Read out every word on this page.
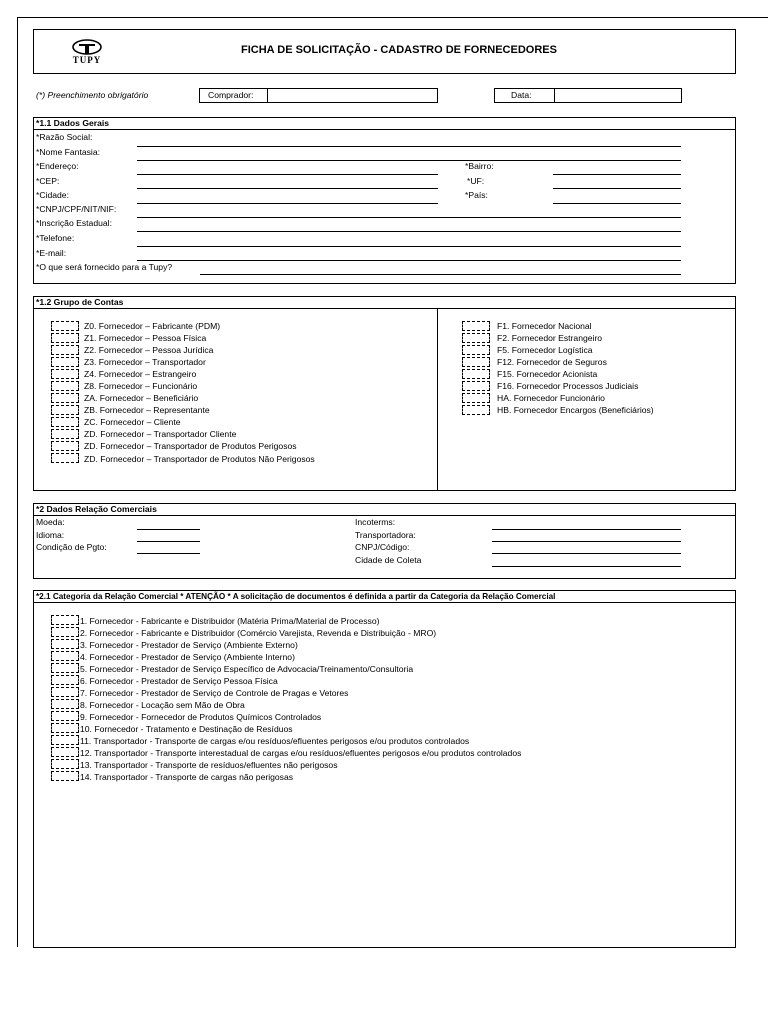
TUPY
FICHA DE SOLICITAÇÃO - CADASTRO DE FORNECEDORES
(*) Preenchimento obrigatório	Comprador:	Data:
*1.1 Dados Gerais
*Razão Social:
*Nome Fantasia:
*Endereço:	*Bairro:
*CEP:	*UF:
*Cidade:	*País:
*CNPJ/CPF/NIT/NIF:
*Inscrição Estadual:
*Telefone:
*E-mail:
*O que será fornecido para a Tupy?
*1.2 Grupo de Contas
Z0. Fornecedor – Fabricante (PDM)
Z1. Fornecedor – Pessoa Física
Z2. Fornecedor – Pessoa Jurídica
Z3. Fornecedor – Transportador
Z4. Fornecedor – Estrangeiro
Z8. Fornecedor – Funcionário
ZA. Fornecedor – Beneficiário
ZB. Fornecedor – Representante
ZC. Fornecedor – Cliente
ZD. Fornecedor – Transportador Cliente
ZD. Fornecedor – Transportador de Produtos Perigosos
ZD. Fornecedor – Transportador de Produtos Não Perigosos
F1. Fornecedor Nacional
F2. Fornecedor Estrangeiro
F5. Fornecedor Logística
F12. Fornecedor de Seguros
F15. Fornecedor Acionista
F16. Fornecedor Processos Judiciais
HA. Fornecedor Funcionário
HB. Fornecedor Encargos (Beneficiários)
*2 Dados Relação Comerciais
Moeda:
Idioma:
Condição de Pgto:
Incoterms:
Transportadora:
CNPJ/Código:
Cidade de Coleta
*2.1 Categoria da Relação Comercial * ATENÇÃO * A solicitação de documentos é definida a partir da Categoria da Relação Comercial
1. Fornecedor - Fabricante e Distribuidor (Matéria Prima/Material de Processo)
2. Fornecedor - Fabricante e Distribuidor (Comércio Varejista, Revenda e Distribuição - MRO)
3. Fornecedor - Prestador de Serviço (Ambiente Externo)
4. Fornecedor - Prestador de Serviço (Ambiente Interno)
5. Fornecedor - Prestador de Serviço Específico de Advocacia/Treinamento/Consultoria
6. Fornecedor - Prestador de Serviço Pessoa Física
7. Fornecedor - Prestador de Serviço de Controle de Pragas e Vetores
8. Fornecedor - Locação sem Mão de Obra
9. Fornecedor - Fornecedor de Produtos Químicos Controlados
10. Fornecedor - Tratamento e Destinação de Resíduos
11. Transportador - Transporte de cargas e/ou resíduos/efluentes perigosos e/ou produtos controlados
12. Transportador - Transporte interestadual de cargas e/ou resíduos/efluentes perigosos e/ou produtos controlados
13. Transportador - Transporte de resíduos/efluentes não perigosos
14. Transportador - Transporte de cargas não perigosas
